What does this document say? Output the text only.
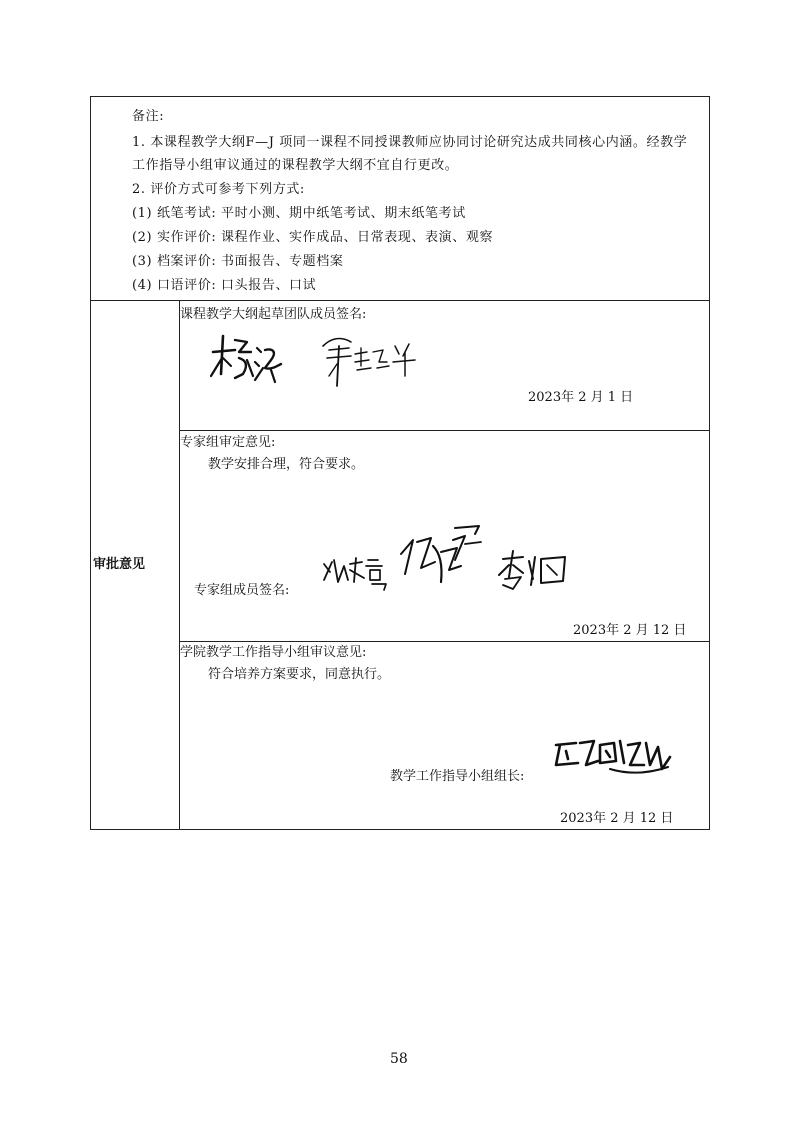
备注:
1. 本课程教学大纲F—J 项同一课程不同授课教师应协同讨论研究达成共同核心内涵。经教学
工作指导小组审议通过的课程教学大纲不宜自行更改。
2. 评价方式可参考下列方式:
(1) 纸笔考试: 平时小测、期中纸笔考试、期末纸笔考试
(2) 实作评价: 课程作业、实作成品、日常表现、表演、观察
(3) 档案评价: 书面报告、专题档案
(4) 口语评价: 口头报告、口试
审批意见
课程教学大纲起草团队成员签名:
2023年 2 月 1 日
专家组审定意见:
教学安排合理，符合要求。
专家组成员签名:
2023年 2 月 12 日
学院教学工作指导小组审议意见:
符合培养方案要求，同意执行。
教学工作指导小组组长:
2023年 2 月 12 日
58
